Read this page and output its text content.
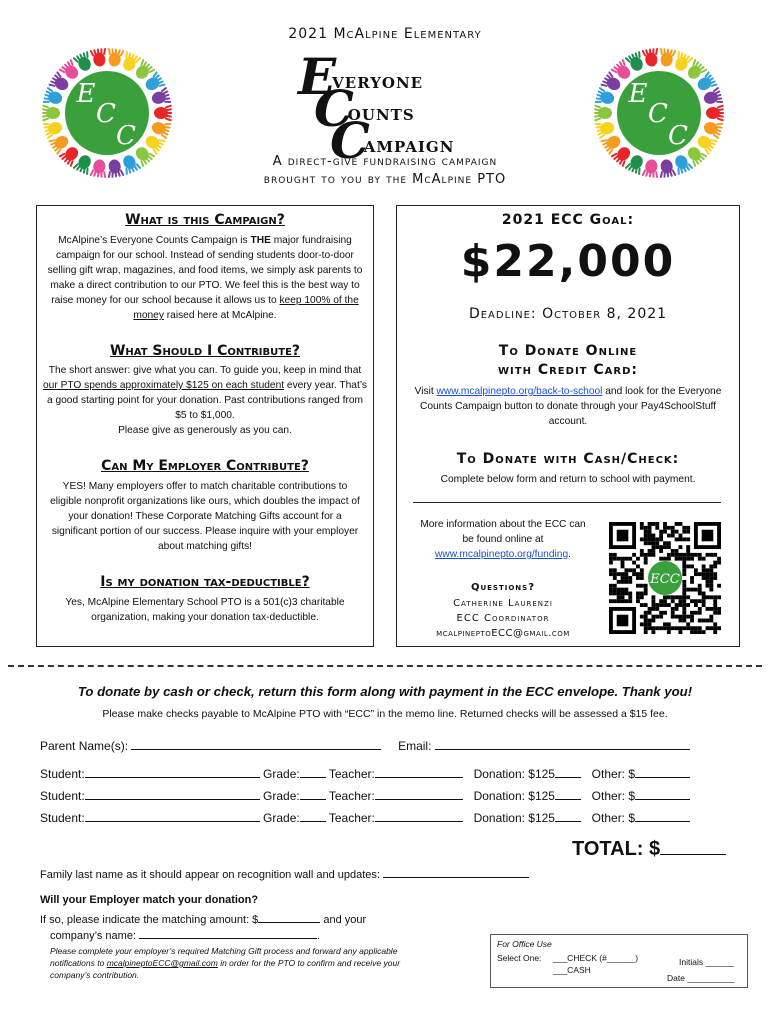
2021 McAlpine Elementary
E
C
C
E
C
C
Everyone
Counts
Campaign
A direct-give fundraising campaign
brought to you by the McAlpine PTO
What is this Campaign?
McAlpine’s Everyone Counts Campaign is THE major fundraising campaign for our school. Instead of sending students door-to-door selling gift wrap, magazines, and food items, we simply ask parents to make a direct contribution to our PTO. We feel this is the best way to raise money for our school because it allows us to keep 100% of the money raised here at McAlpine.
What Should I Contribute?
The short answer: give what you can. To guide you, keep in mind that our PTO spends approximately $125 on each student every year. That’s a good starting point for your donation. Past contributions ranged from $5 to $1,000.
Please give as generously as you can.
Can My Employer Contribute?
YES! Many employers offer to match charitable contributions to eligible nonprofit organizations like ours, which doubles the impact of your donation! These Corporate Matching Gifts account for a significant portion of our success. Please inquire with your employer about matching gifts!
Is my donation tax-deductible?
Yes, McAlpine Elementary School PTO is a 501(c)3 charitable organization, making your donation tax-deductible.
2021 ECC Goal:
$22,000
Deadline: October 8, 2021
To Donate Online
with Credit Card:
Visit www.mcalpinepto.org/back-to-school and look for the Everyone Counts Campaign button to donate through your Pay4SchoolStuff account.
To Donate with Cash/Check:
Complete below form and return to school with payment.
More information about the ECC can be found online at www.mcalpinepto.org/funding.
Questions?
Catherine Laurenzi
ECC Coordinator
mcalpineptoECC@gmail.com
ECC
To donate by cash or check, return this form along with payment in the ECC envelope. Thank you!
Please make checks payable to McAlpine PTO with “ECC” in the memo line. Returned checks will be assessed a $15 fee.
Parent Name(s):	Email:
Student:	Grade: Teacher:	Donation: $125	Other: $
Student:	Grade: Teacher:	Donation: $125	Other: $
Student:	Grade: Teacher:	Donation: $125	Other: $
TOTAL: $
Family last name as it should appear on recognition wall and updates:
Will your Employer match your donation?
If so, please indicate the matching amount: $	and your
company’s name:	.
Please complete your employer’s required Matching Gift process and forward any applicable notifications to mcalpineptoECC@gmail.com in order for the PTO to confirm and receive your company’s contribution.
For Office Use
Select One: ___CHECK (#______)
___CASH
Initials ______
Date __________
